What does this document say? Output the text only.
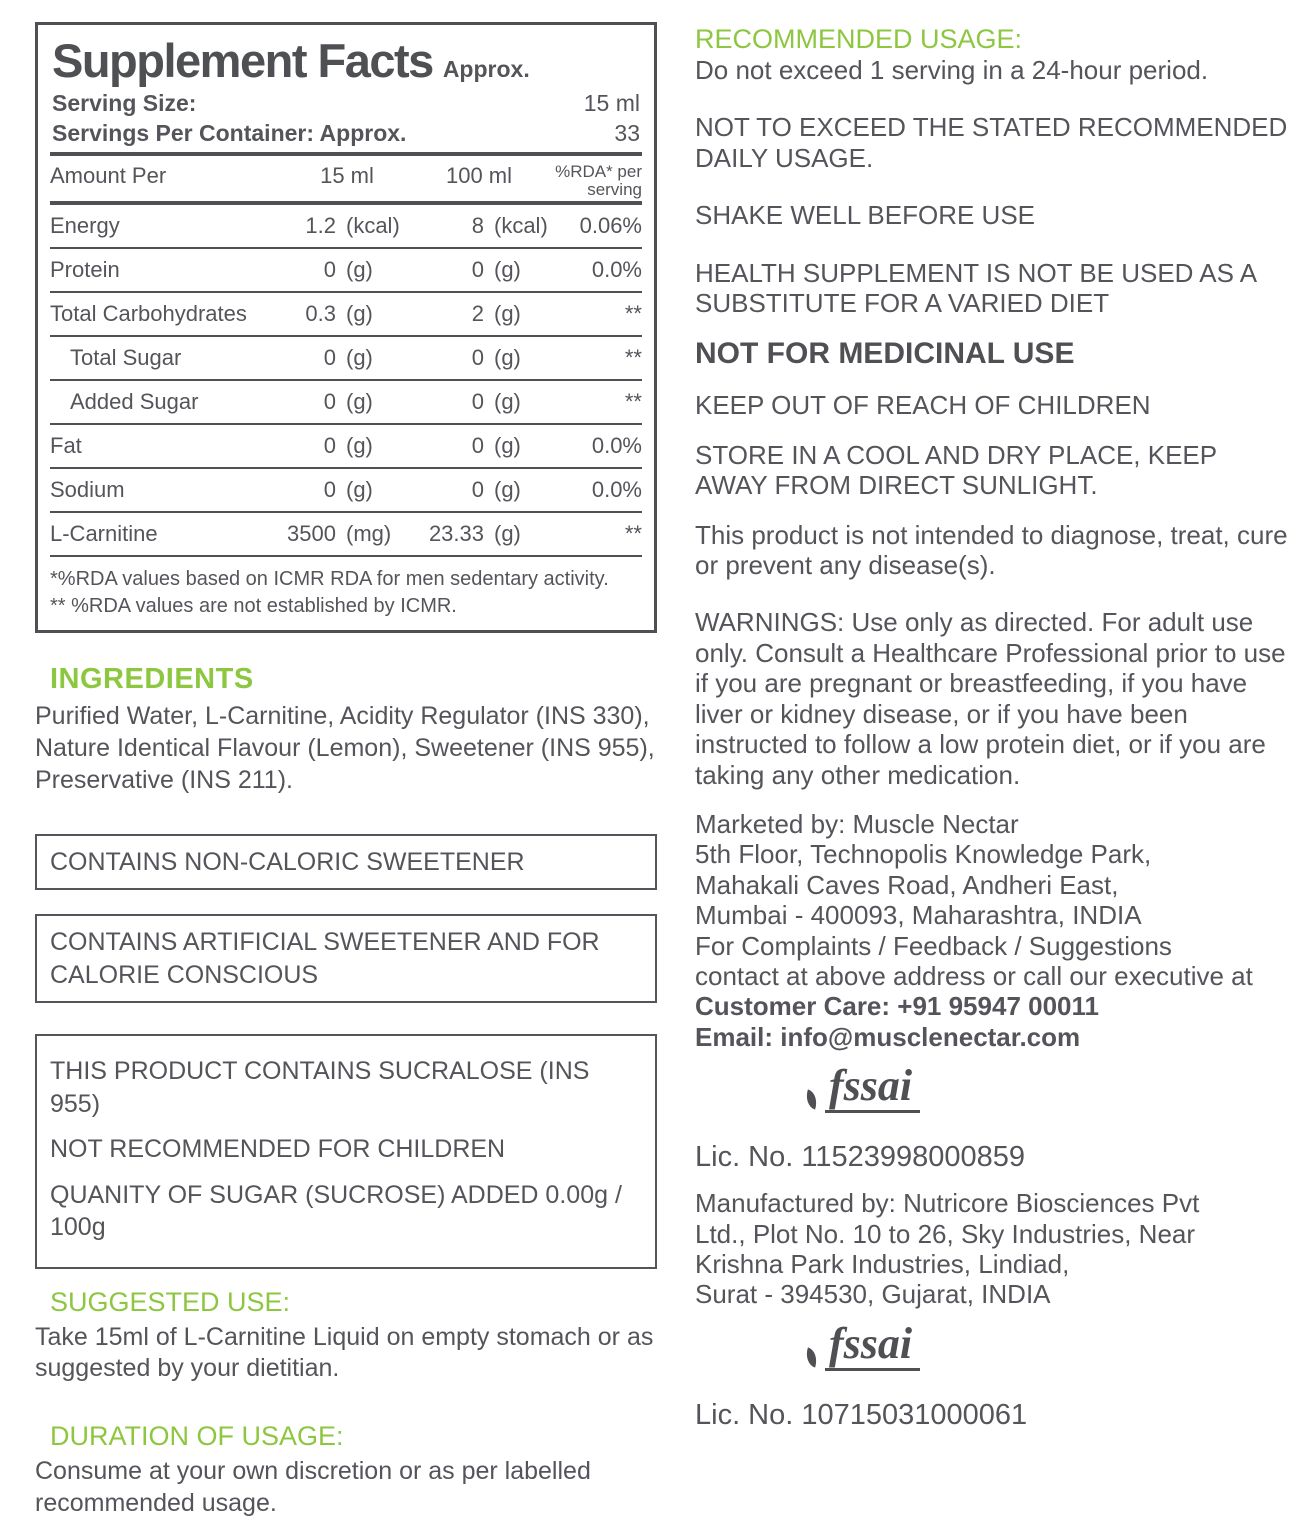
Supplement Facts Approx.
Serving Size:	15 ml
Servings Per Container: Approx.	33
Amount Per	15 ml	100 ml	%RDA* per
serving
Energy	1.2 (kcal)	8 (kcal)	0.06%
Protein	0 (g)	0 (g)	0.0%
Total Carbohydrates	0.3 (g)	2 (g)	**
Total Sugar	0 (g)	0 (g)	**
Added Sugar	0 (g)	0 (g)	**
Fat	0 (g)	0 (g)	0.0%
Sodium	0 (g)	0 (g)	0.0%
L-Carnitine	3500 (mg)	23.33 (g)	**
*%RDA values based on ICMR RDA for men sedentary activity.
** %RDA values are not established by ICMR.
INGREDIENTS
Purified Water, L-Carnitine, Acidity Regulator (INS 330), Nature Identical Flavour (Lemon), Sweetener (INS 955), Preservative (INS 211).
CONTAINS NON-CALORIC SWEETENER
CONTAINS ARTIFICIAL SWEETENER AND FOR CALORIE CONSCIOUS

THIS PRODUCT CONTAINS SUCRALOSE (INS 955)

NOT RECOMMENDED FOR CHILDREN

QUANITY OF SUGAR (SUCROSE) ADDED 0.00g / 100g

SUGGESTED USE:
Take 15ml of L-Carnitine Liquid on empty stomach or as suggested by your dietitian.
DURATION OF USAGE:
Consume at your own discretion or as per labelled recommended usage.
RECOMMENDED USAGE:
Do not exceed 1 serving in a 24-hour period.
NOT TO EXCEED THE STATED RECOMMENDED DAILY USAGE.
SHAKE WELL BEFORE USE
HEALTH SUPPLEMENT IS NOT BE USED AS A SUBSTITUTE FOR A VARIED DIET
NOT FOR MEDICINAL USE
KEEP OUT OF REACH OF CHILDREN
STORE IN A COOL AND DRY PLACE, KEEP AWAY FROM DIRECT SUNLIGHT.
This product is not intended to diagnose, treat, cure or prevent any disease(s).
WARNINGS: Use only as directed. For adult use only. Consult a Healthcare Professional prior to use if you are pregnant or breastfeeding, if you have liver or kidney disease, or if you have been instructed to follow a low protein diet, or if you are taking any other medication.
Marketed by: Muscle Nectar
5th Floor, Technopolis Knowledge Park,
Mahakali Caves Road, Andheri East,
Mumbai - 400093, Maharashtra, INDIA
For Complaints / Feedback / Suggestions
contact at above address or call our executive at
Customer Care: +91 95947 00011
Email: info@musclenectar.com
fssai
Lic. No. 11523998000859
Manufactured by: Nutricore Biosciences Pvt
Ltd., Plot No. 10 to 26, Sky Industries, Near
Krishna Park Industries, Lindiad,
Surat - 394530, Gujarat, INDIA
fssai
Lic. No. 10715031000061
